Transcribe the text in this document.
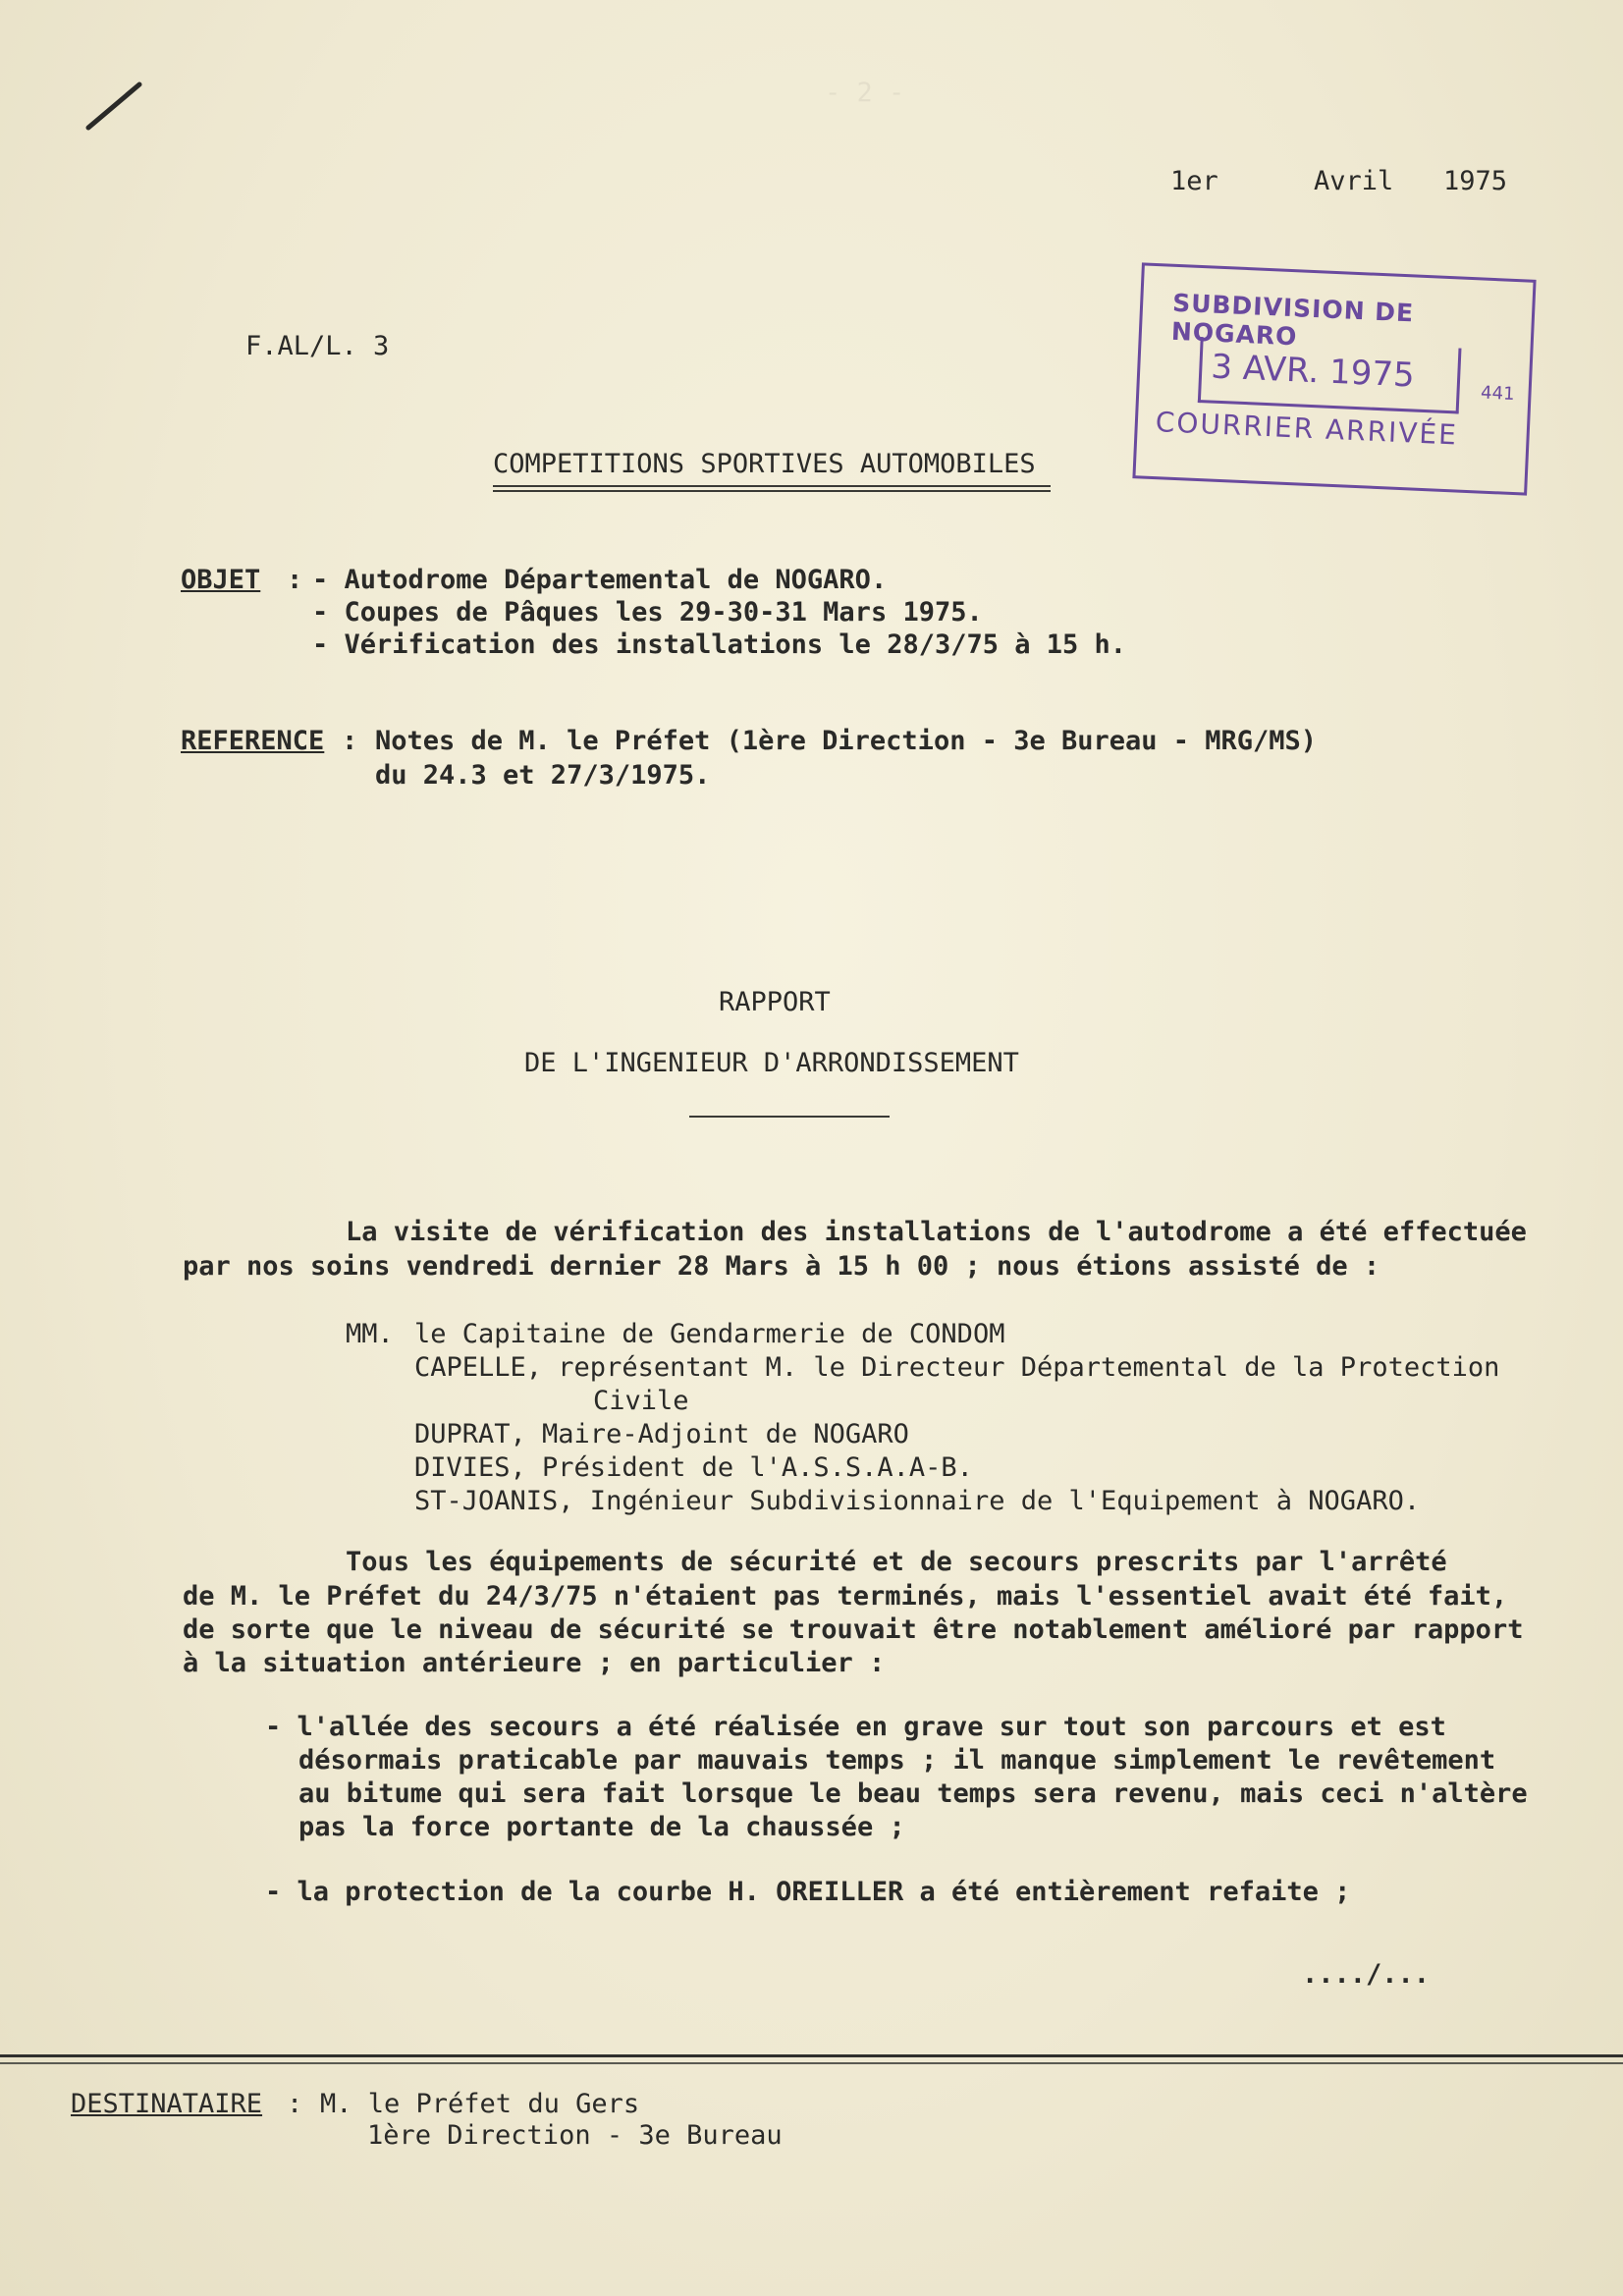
- 2 -
1er	Avril 1975
SUBDIVISION DE NOGARO
3 AVR. 1975	441
COURRIER ARRIVÉE
F.AL/L. 3
COMPETITIONS SPORTIVES AUTOMOBILES
OBJET : - Autodrome Départemental de NOGARO.
- Coupes de Pâques les 29-30-31 Mars 1975.
- Vérification des installations le 28/3/75 à 15 h.
REFERENCE : Notes de M. le Préfet (1ère Direction - 3e Bureau - MRG/MS)
du 24.3 et 27/3/1975.
RAPPORT
DE L'INGENIEUR D'ARRONDISSEMENT
La visite de vérification des installations de l'autodrome a été effectuée
par nos soins vendredi dernier 28 Mars à 15 h 00 ; nous étions assisté de :
MM. le Capitaine de Gendarmerie de CONDOM
CAPELLE, représentant M. le Directeur Départemental de la Protection
Civile
DUPRAT, Maire-Adjoint de NOGARO
DIVIES, Président de l'A.S.S.A.A-B.
ST-JOANIS, Ingénieur Subdivisionnaire de l'Equipement à NOGARO.
Tous les équipements de sécurité et de secours prescrits par l'arrêté
de M. le Préfet du 24/3/75 n'étaient pas terminés, mais l'essentiel avait été fait,
de sorte que le niveau de sécurité se trouvait être notablement amélioré par rapport
à la situation antérieure ; en particulier :
- l'allée des secours a été réalisée en grave sur tout son parcours et est
désormais praticable par mauvais temps ; il manque simplement le revêtement
au bitume qui sera fait lorsque le beau temps sera revenu, mais ceci n'altère
pas la force portante de la chaussée ;
- la protection de la courbe H. OREILLER a été entièrement refaite ;
..../...
DESTINATAIRE : M. le Préfet du Gers
1ère Direction - 3e Bureau
